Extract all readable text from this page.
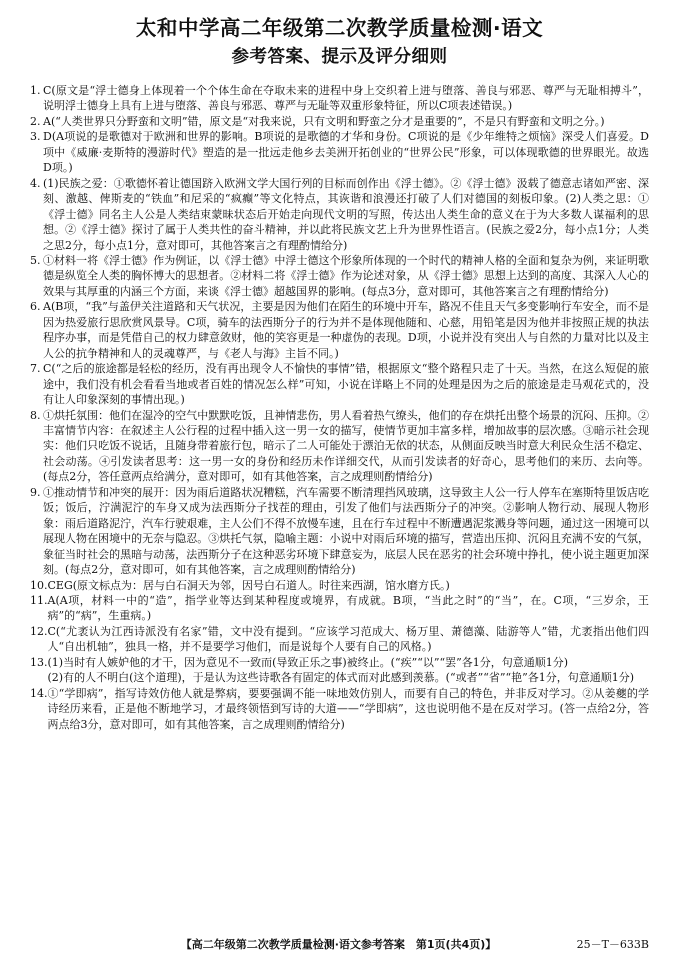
太和中学高二年级第二次教学质量检测·语文
参考答案、提示及评分细则
1. C(原文是“浮士德身上体现着一个个体生命在夺取未来的进程中身上交织着上进与堕落、善良与邪恶、尊严与无耻相搏斗”，说明浮士德身上具有上进与堕落、善良与邪恶、尊严与无耻等双重形象特征，所以C项表述错误。)
2. A(“人类世界只分野蛮和文明”错，原文是“对我来说，只有文明和野蛮之分才是重要的”，不是只有野蛮和文明之分。)
3. D(A项说的是歌德对于欧洲和世界的影响。B项说的是歌德的才华和身份。C项说的是《少年维特之烦恼》深受人们喜爱。D项中《威廉·麦斯特的漫游时代》塑造的是一批远走他乡去美洲开拓创业的“世界公民”形象，可以体现歌德的世界眼光。故选D项。)
4. (1)民族之爱：①歌德怀着让德国跻入欧洲文学大国行列的目标而创作出《浮士德》。②《浮士德》汲载了德意志诸如严密、深刻、激越、俾斯麦的“铁血”和尼采的“疯癫”等文化特点，其诙谐和浪漫还打破了人们对德国的刻板印象。(2)人类之思：①《浮士德》同名主人公是人类结束蒙昧状态后开始走向现代文明的写照，传达出人类生命的意义在于为大多数人谋福利的思想。②《浮士德》探讨了属于人类共性的奋斗精神，并以此将民族文艺上升为世界性语言。(民族之爱2分，每小点1分；人类之思2分，每小点1分，意对即可，其他答案言之有理酌情给分)
5. ①材料一将《浮士德》作为例证，以《浮士德》中浮士德这个形象所体现的一个时代的精神人格的全面和复杂为例，来证明歌德是纵览全人类的胸怀博大的思想者。②材料二将《浮士德》作为论述对象，从《浮士德》思想上达到的高度、其深入人心的效果与其厚重的内涵三个方面，来谈《浮士德》超越国界的影响。(每点3分，意对即可，其他答案言之有理酌情给分)
6. A(B项，“我”与盖伊关注道路和天气状况，主要是因为他们在陌生的环境中开车，路况不佳且天气多变影响行车安全，而不是因为热爱旅行思欣赏风景导。C项，骑车的法西斯分子的行为并不是体现他随和、心慈，用铅笔是因为他并非按照正规的执法程序办事，而是凭借自己的权力肆意敛财，他的笑容更是一种虚伪的表现。D项，小说并没有突出人与自然的力量对比以及主人公的抗争精神和人的灵魂尊严，与《老人与海》主旨不同。)
7. C(“之后的旅途都是轻松的经历，没有再出现令人不愉快的事情”错，根据原文“整个路程只走了十天。当然，在这么短促的旅途中，我们没有机会看看当地或者百姓的情况怎么样”可知，小说在详略上不同的处理是因为之后的旅途是走马观花式的，没有让人印象深刻的事情出现。)
8. ①烘托氛围：他们在湿冷的空气中默默吃饭，且神情悲伤，男人看着热气缭头，他们的存在烘托出整个场景的沉闷、压抑。②丰富情节内容：在叙述主人公行程的过程中插入这一男一女的描写，使情节更加丰富多样，增加故事的层次感。③暗示社会现实：他们只吃饭不说话，且随身带着旅行包，暗示了二人可能处于漂泊无依的状态，从侧面反映当时意大利民众生活不稳定、社会动荡。④引发读者思考：这一男一女的身份和经历未作详细交代，从而引发读者的好奇心，思考他们的来历、去向等。(每点2分，答任意两点给满分，意对即可，如有其他答案，言之成理则酌情给分)
9. ①推动情节和冲突的展开：因为雨后道路状况糟糕，汽车需要不断清理挡风玻璃，这导致主人公一行人停车在塞斯特里饭店吃饭；饭后，泞满泥泞的车身又成为法西斯分子找茬的理由，引发了他们与法西斯分子的冲突。②影响人物行动、展现人物形象：雨后道路泥泞，汽车行驶艰难，主人公们不得不放慢车速，且在行车过程中不断遭遇泥浆溅身等问题，通过这一困境可以展现人物在困境中的无奈与隐忍。③烘托气氛，隐喻主题：小说中对雨后环境的描写，营造出压抑、沉闷且充满不安的气氛，象征当时社会的黑暗与动荡，法西斯分子在这种恶劣环境下肆意妄为，底层人民在恶劣的社会环境中挣扎，使小说主题更加深刻。(每点2分，意对即可，如有其他答案，言之成理则酌情给分)
10. CEG(原文标点为：居与白石洞天为邻，因号白石道人。时往来西湖，馆水磨方氏。)
11. A(A项，材料一中的“造”，指学业等达到某种程度或境界，有成就。B项，“当此之时”的“当”，在。C项，“三岁余，王病”的“病”，生重病。)
12. C(“尤袤认为江西诗派没有名家”错，文中没有提到。“应该学习范成大、杨万里、萧德藻、陆游等人”错，尤袤指出他们四人“自出机轴”，独具一格，并不是要学习他们，而是说每个人要有自己的风格。)
13. (1)当时有人嫉妒他的才干，因为意见不一致而(导致正乐之事)被终止。(“疾”“以”“罢”各1分，句意通顺1分)
(2)有的人不明白(这个道理)，于是认为这些诗歌各有固定的体式而对此感到羡慕。(“或者”“省”“艳”各1分，句意通顺1分)
14. ①“学即病”，指写诗效仿他人就是弊病，要要强调不能一味地效仿别人，而要有自己的特色，并非反对学习。②从姜夔的学诗经历来看，正是他不断地学习，才最终领悟到写诗的大道——“学即病”，这也说明他不是在反对学习。(答一点给2分，答两点给3分，意对即可，如有其他答案，言之成理则酌情给分)
【高二年级第二次教学质量检测·语文参考答案　第1页(共4页)】	25－T－633B
